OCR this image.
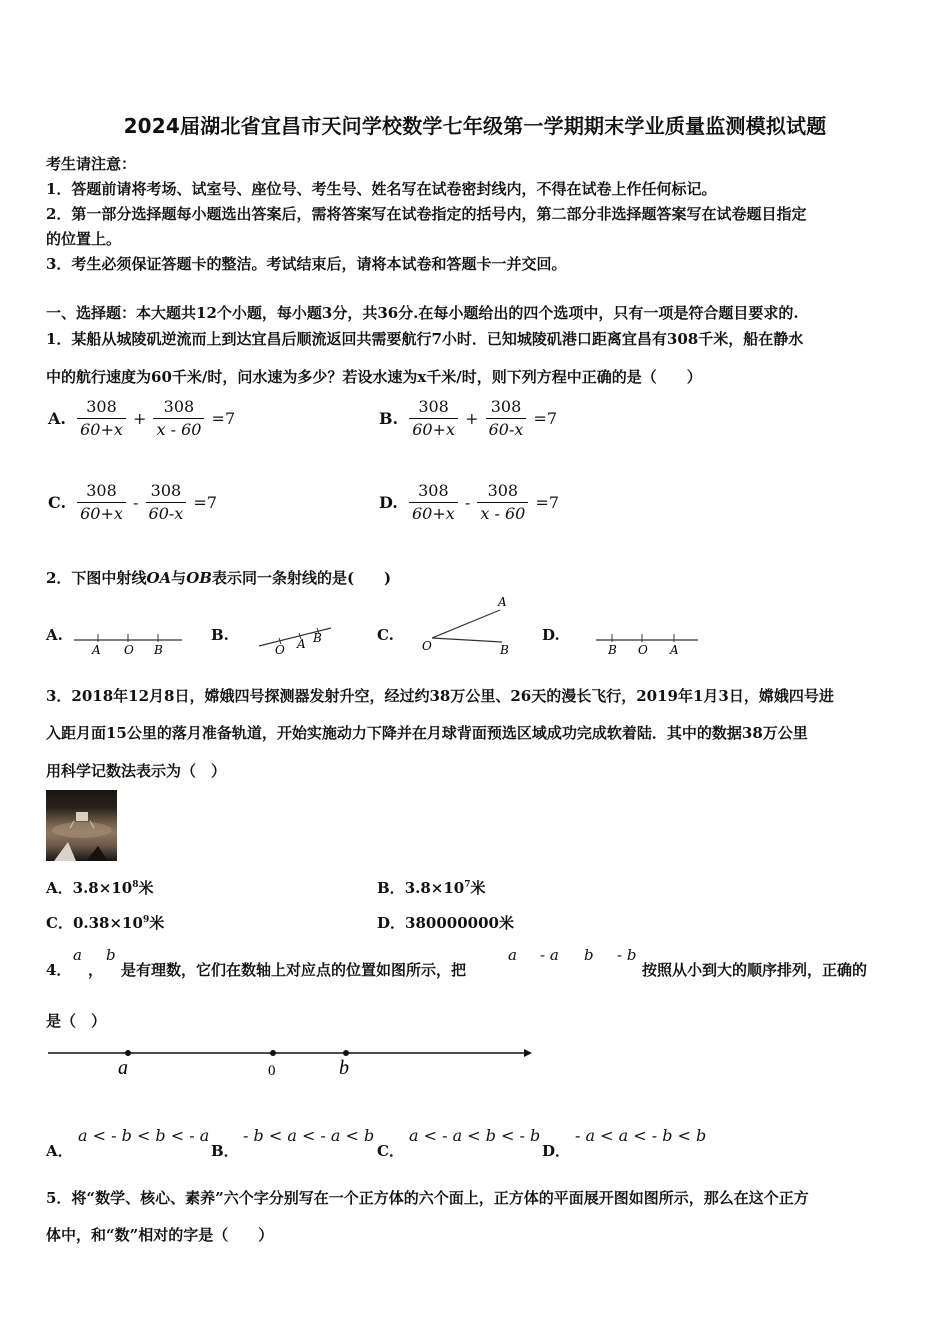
2024届湖北省宜昌市天问学校数学七年级第一学期期末学业质量监测模拟试题
考生请注意：
1．答题前请将考场、试室号、座位号、考生号、姓名写在试卷密封线内，不得在试卷上作任何标记。
2．第一部分选择题每小题选出答案后，需将答案写在试卷指定的括号内，第二部分非选择题答案写在试卷题目指定
的位置上。
3．考生必须保证答题卡的整洁。考试结束后，请将本试卷和答题卡一并交回。
一、选择题：本大题共12个小题，每小题3分，共36分.在每小题给出的四个选项中，只有一项是符合题目要求的.
1．某船从城陵矶逆流而上到达宜昌后顺流返回共需要航行7小时．已知城陵矶港口距离宜昌有308千米，船在静水
中的航行速度为60千米/时，问水速为多少？若设水速为x千米/时，则下列方程中正确的是（　　）
A. $\frac{308}{60+x} + \frac{308}{x - 60} =7$	B. $\frac{308}{60+x} + \frac{308}{60-x} =7$
C. $\frac{308}{60+x} - \frac{308}{60-x} =7$	D. $\frac{308}{60+x} - \frac{308}{x - 60} =7$
2．下图中射线OA与OB表示同一条射线的是(　　)
A.
A O B
B.
O A B	C.
A
O	B
D.
B O A
3．2018年12月8日，嫦娥四号探测器发射升空，经过约38万公里、26天的漫长飞行，2019年1月3日，嫦娥四号进
入距月面15公里的落月准备轨道，开始实施动力下降并在月球背面预选区域成功完成软着陆．其中的数据38万公里
用科学记数法表示为（　）
A．$3.8\times 10^8$米	B．$3.8\times 10^7$米
C．$0.38\times 10^9$米	D．380000000米
4．
a
，
b
是有理数，它们在数轴上对应点的位置如图所示，把
a - a b - b
按照从小到大的顺序排列，正确的
是（　）
a	0	b
A．
a < - b < b < - a
B．
- b < a < - a < b
C．
a < - a < b < - b
D．
- a < a < - b < b
5．将“数学、核心、素养”六个字分别写在一个正方体的六个面上，正方体的平面展开图如图所示，那么在这个正方
体中，和“数”相对的字是（　　）
